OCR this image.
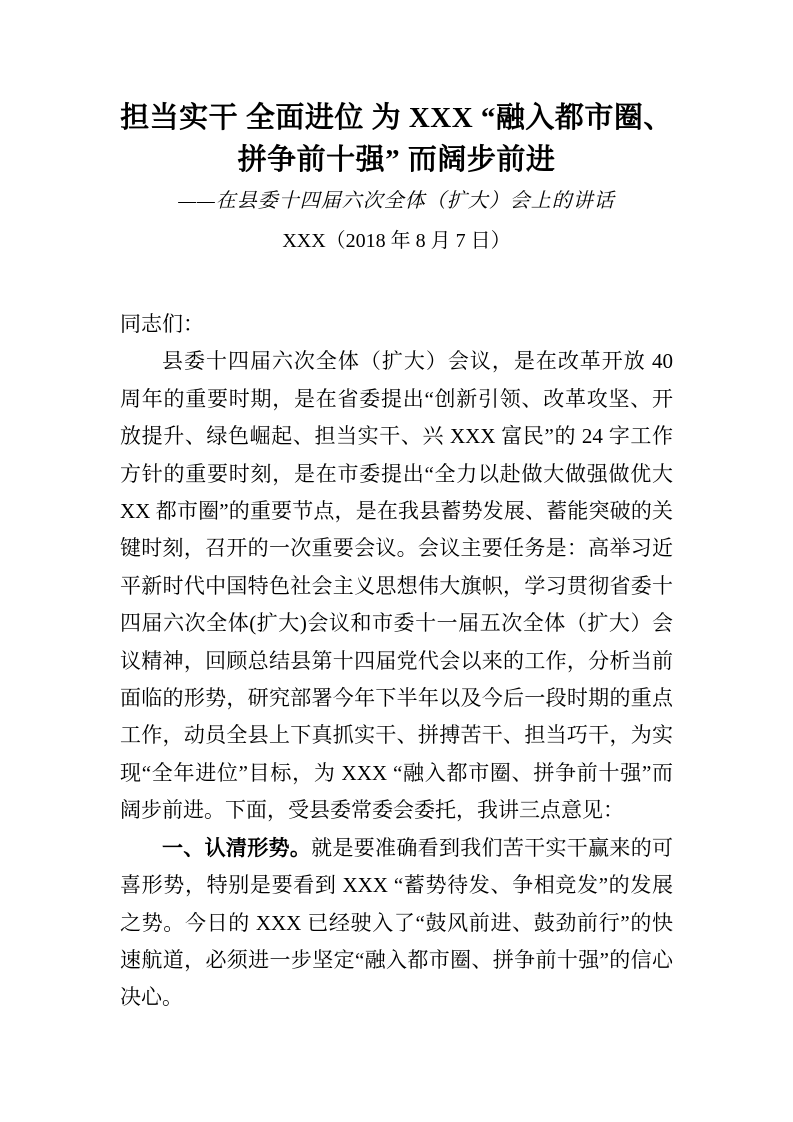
担当实干 全面进位 为 XXX “融入都市圈、
拼争前十强” 而阔步前进
——在县委十四届六次全体（扩大）会上的讲话
XXX（2018 年 8 月 7 日）

同志们：

县委十四届六次全体（扩大）会议，是在改革开放 40 周年的重要时期，是在省委提出“创新引领、改革攻坚、开放提升、绿色崛起、担当实干、兴 XXX 富民”的 24 字工作方针的重要时刻，是在市委提出“全力以赴做大做强做优大 XX 都市圈”的重要节点，是在我县蓄势发展、蓄能突破的关键时刻，召开的一次重要会议。会议主要任务是：高举习近平新时代中国特色社会主义思想伟大旗帜，学习贯彻省委十四届六次全体(扩大)会议和市委十一届五次全体（扩大）会议精神，回顾总结县第十四届党代会以来的工作，分析当前面临的形势，研究部署今年下半年以及今后一段时期的重点工作，动员全县上下真抓实干、拼搏苦干、担当巧干，为实现“全年进位”目标，为 XXX “融入都市圈、拼争前十强”而阔步前进。下面，受县委常委会委托，我讲三点意见：

一、认清形势。就是要准确看到我们苦干实干赢来的可喜形势，特别是要看到 XXX “蓄势待发、争相竞发”的发展之势。今日的 XXX 已经驶入了“鼓风前进、鼓劲前行”的快速航道，必须进一步坚定“融入都市圈、拼争前十强”的信心决心。
